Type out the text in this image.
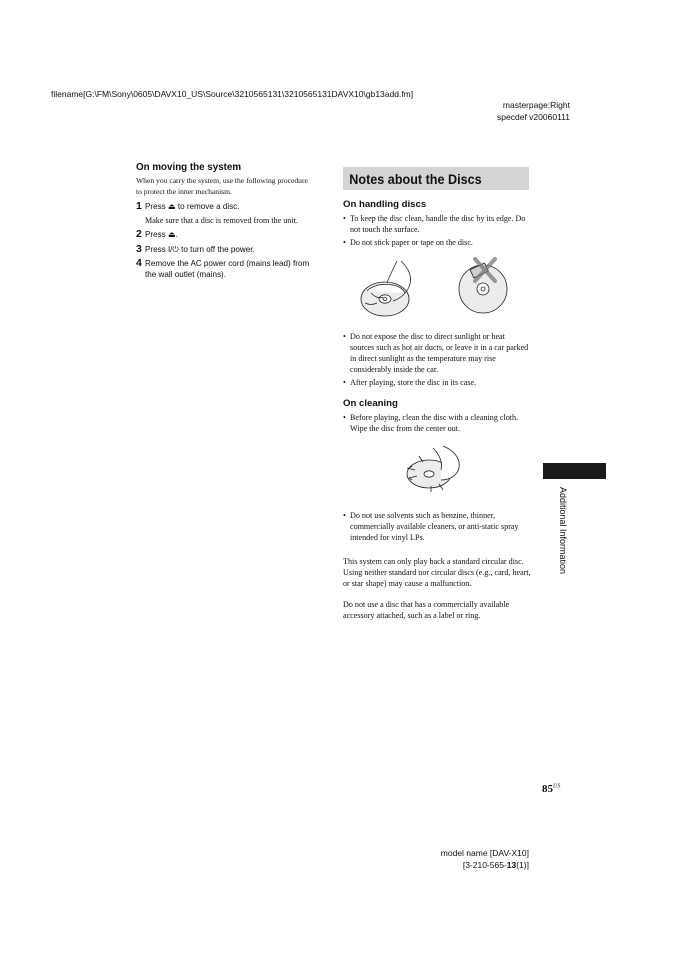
filename[G:\FM\Sony\0605\DAVX10_US\Source\3210565131\3210565131DAVX10\gb13add.fm]
masterpage:Right
specdef v20060111
On moving the system

When you carry the system, use the following procedure to protect the inner mechanism.

1 Press ⏏ to remove a disc.
Make sure that a disc is removed from the unit.
2 Press ⏏.
3 Press I/⏻ to turn off the power.
4 Remove the AC power cord (mains lead) from the wall outlet (mains).
Notes about the Discs
On handling discs
• To keep the disc clean, handle the disc by its edge. Do not touch the surface.
• Do not stick paper or tape on the disc.
• Do not expose the disc to direct sunlight or heat sources such as hot air ducts, or leave it in a car parked in direct sunlight as the temperature may rise considerably inside the car.
• After playing, store the disc in its case.
On cleaning
• Before playing, clean the disc with a cleaning cloth.
Wipe the disc from the center out.
• Do not use solvents such as benzine, thinner, commercially available cleaners, or anti-static spray intended for vinyl LPs.

This system can only play back a standard circular disc. Using neither standard nor circular discs (e.g., card, heart, or star shape) may cause a malfunction.

Do not use a disc that has a commercially available accessory attached, such as a label or ring.

Additional Information
$85^{US}$
model name [DAV-X10]
[3-210-565-13(1)]
